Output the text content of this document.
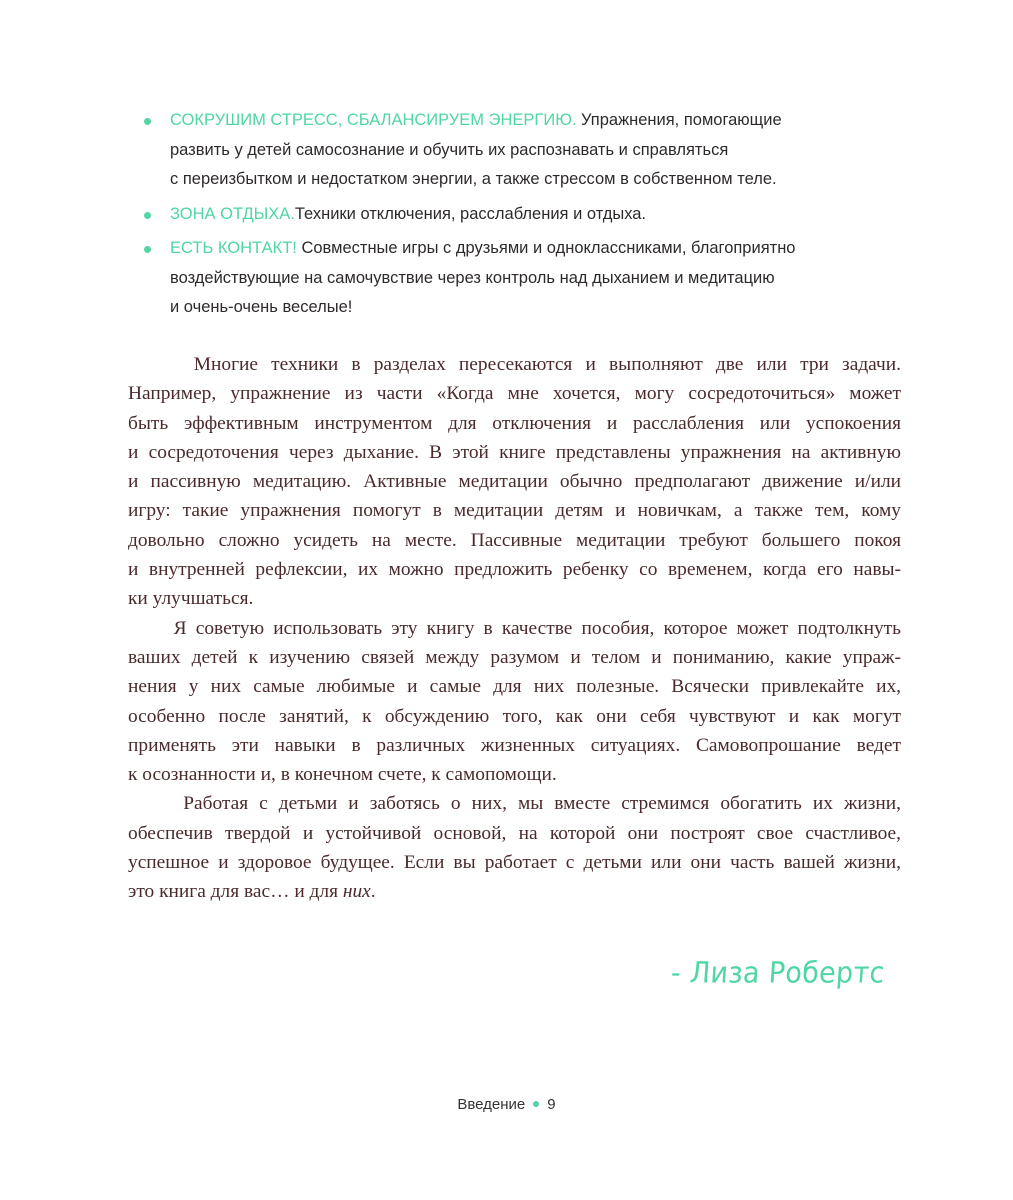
СОКРУШИМ СТРЕСС, СБАЛАНСИРУЕМ ЭНЕРГИЮ. Упражнения, помогающие
развить у детей самосознание и обучить их распознавать и справляться
с переизбытком и недостатком энергии, а также стрессом в собственном теле.
ЗОНА ОТДЫХА.Техники отключения, расслабления и отдыха.
ЕСТЬ КОНТАКТ! Совместные игры с друзьями и одноклассниками, благоприятно
воздействующие на самочувствие через контроль над дыханием и медитацию
и очень-очень веселые!

Многие техники в разделах пересекаются и выполняют две или три задачи.
Например, упражнение из части «Когда мне хочется, могу сосредоточиться» может
быть эффективным инструментом для отключения и расслабления или успокоения
и сосредоточения через дыхание. В этой книге представлены упражнения на активную
и пассивную медитацию. Активные медитации обычно предполагают движение и/или
игру: такие упражнения помогут в медитации детям и новичкам, а также тем, кому
довольно сложно усидеть на месте. Пассивные медитации требуют большего покоя
и внутренней рефлексии, их можно предложить ребенку со временем, когда его навы-
ки улучшаться.

Я советую использовать эту книгу в качестве пособия, которое может подтолкнуть
ваших детей к изучению связей между разумом и телом и пониманию, какие упраж-
нения у них самые любимые и самые для них полезные. Всячески привлекайте их,
особенно после занятий, к обсуждению того, как они себя чувствуют и как могут
применять эти навыки в различных жизненных ситуациях. Самовопрошание ведет
к осознанности и, в конечном счете, к самопомощи.

Работая с детьми и заботясь о них, мы вместе стремимся обогатить их жизни,
обеспечив твердой и устойчивой основой, на которой они построят свое счастливое,
успешное и здоровое будущее. Если вы работает с детьми или они часть вашей жизни,
это книга для вас… и для них.

- Лиза Робертс
Введение 9
